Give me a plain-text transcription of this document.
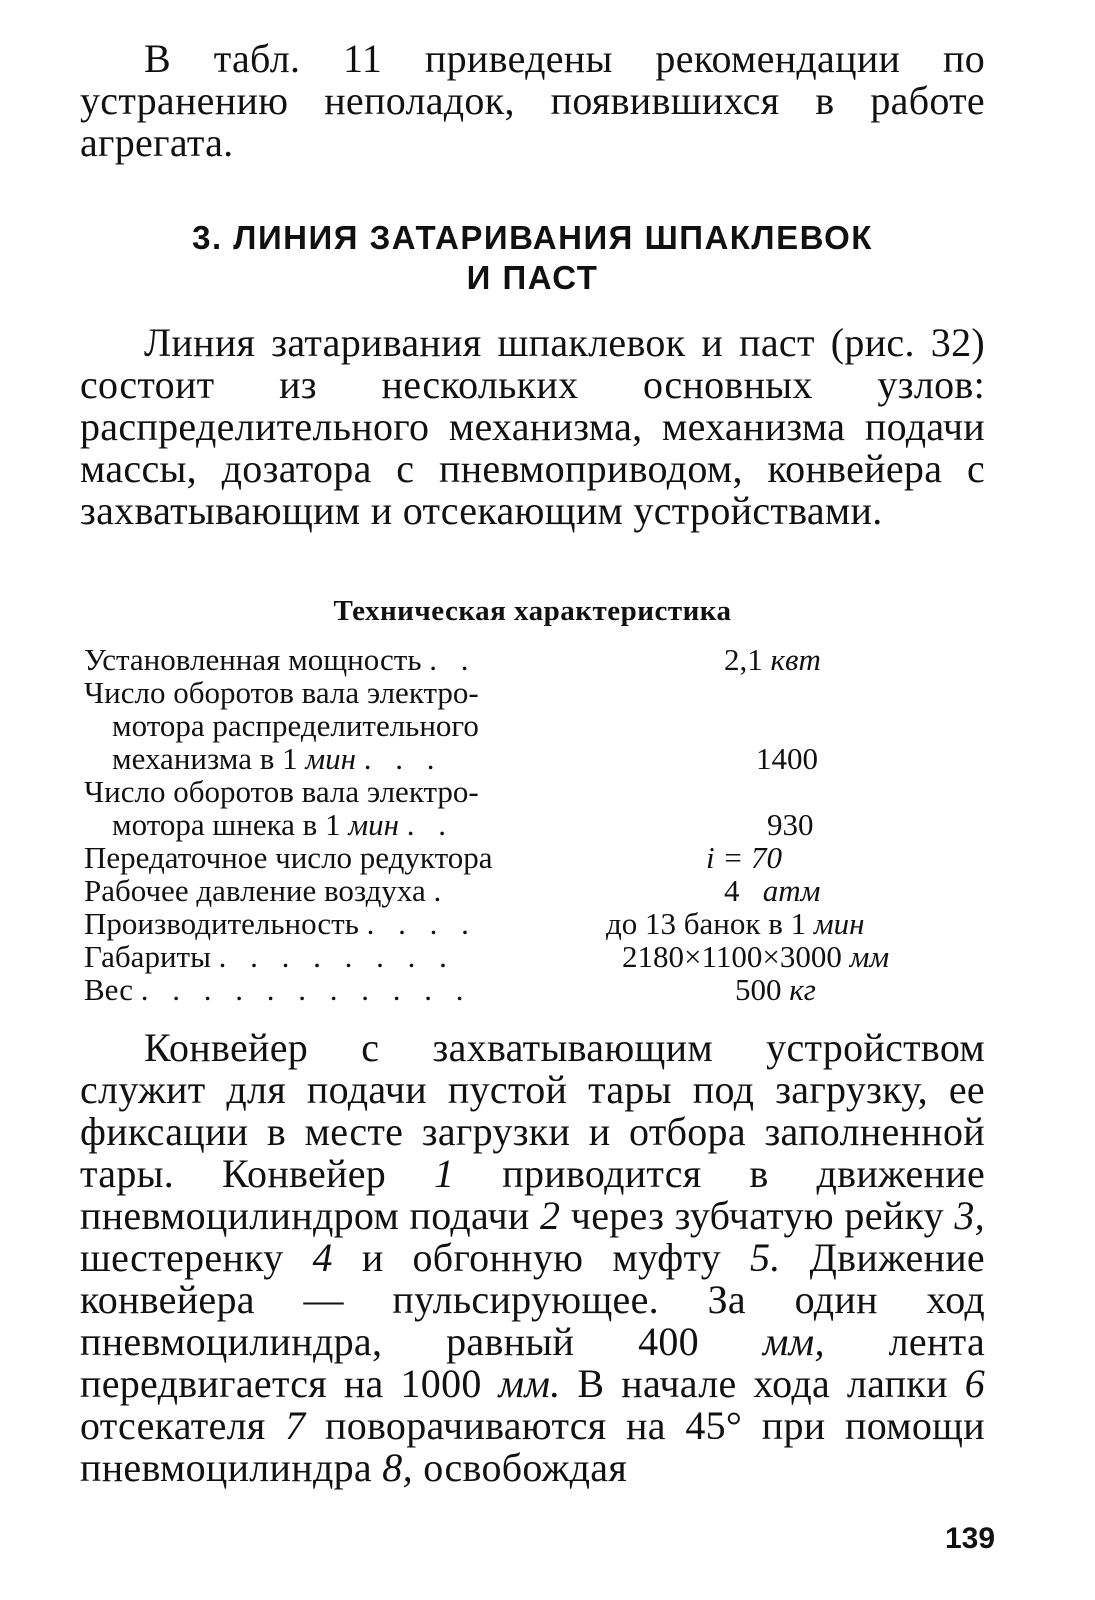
В табл. 11 приведены рекомендации по устранению неполадок, появившихся в работе агрегата.

3. ЛИНИЯ ЗАТАРИВАНИЯ ШПАКЛЕВОК
И ПАСТ

Линия затаривания шпаклевок и паст (рис. 32) состоит из нескольких основных узлов: распределительного механизма, механизма подачи массы, дозатора с пневмоприводом, конвейера с захватывающим и отсекающим устройствами.

Техническая характеристика
Установленная мощность . .	2,1 квт
Число оборотов вала электро-
мотора распределительного
механизма в 1 мин . . .	1400
Число оборотов вала электро-
мотора шнека в 1 мин . .	930
Передаточное число редуктора	i = 70
Рабочее давление воздуха .	4 атм
Производительность . . . .	до 13 банок в 1 мин
Габариты . . . . . . . .	2180×1100×3000 мм
Вес . . . . . . . . . . .	500 кг

Конвейер с захватывающим устройством служит для подачи пустой тары под загрузку, ее фиксации в месте загрузки и отбора заполненной тары. Конвейер 1 приводится в движение пневмоцилиндром подачи 2 через зубчатую рейку 3, шестеренку 4 и обгонную муфту 5. Движение конвейера — пульсирующее. За один ход пневмоцилиндра, равный 400 мм, лента передвигается на 1000 мм. В начале хода лапки 6 отсекателя 7 поворачиваются на 45° при помощи пневмоцилиндра 8, освобождая

139
